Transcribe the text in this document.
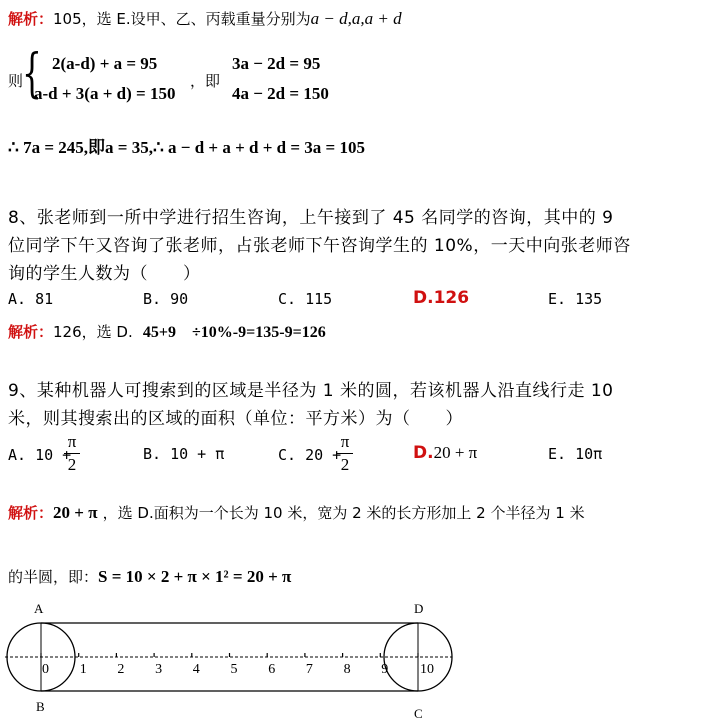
解析：105，选 E.设甲、乙、丙载重量分别为a − d,a,a + d
则
{ 2(a-d) + a = 95
a-d + 3(a + d) = 150
，即
3a − 2d = 95
4a − 2d = 150
∴ 7a = 245,即a = 35,∴ a − d + a + d + d = 3a = 105
8、张老师到一所中学进行招生咨询，上午接到了 45 名同学的咨询，其中的 9
位同学下午又咨询了张老师，占张老师下午咨询学生的 10%，一天中向张老师咨
询的学生人数为（　　）
A. 81	B. 90	C. 115	D.126	E. 135
解析：126，选 D. 45+9　÷10%-9=135-9=126
9、某种机器人可搜索到的区域是半径为 1 米的圆，若该机器人沿直线行走 10
米，则其搜索出的区域的面积（单位：平方米）为（　　）
A. 10 +
π
2
B. 10 + π	C. 20 +
π
2
D.20 + π	E. 10π
解析：20 + π ，选 D.面积为一个长为 10 米，宽为 2 米的长方形加上 2 个半径为 1 米
的半圆，即：S = 10 × 2 + π × 1² = 20 + π
0 1 2 3 4 5 6 7 8 9 10
A
B	C
D
